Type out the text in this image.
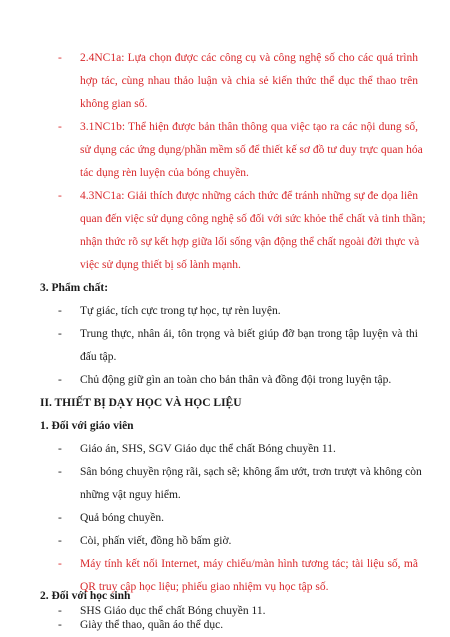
-	2.4NC1a: Lựa chọn được các công cụ và công nghệ số cho các quá trình
hợp tác, cùng nhau thảo luận và chia sẻ kiến thức thể dục thể thao trên
không gian số.
-	3.1NC1b: Thể hiện được bản thân thông qua việc tạo ra các nội dung số,
sử dụng các ứng dụng/phần mềm số để thiết kế sơ đồ tư duy trực quan hóa
tác dụng rèn luyện của bóng chuyền.
-	4.3NC1a: Giải thích được những cách thức để tránh những sự đe dọa liên
quan đến việc sử dụng công nghệ số đối với sức khỏe thể chất và tinh thần;
nhận thức rõ sự kết hợp giữa lối sống vận động thể chất ngoài đời thực và
việc sử dụng thiết bị số lành mạnh.
3. Phẩm chất:
-	Tự giác, tích cực trong tự học, tự rèn luyện.
-	Trung thực, nhân ái, tôn trọng và biết giúp đỡ bạn trong tập luyện và thi
đấu tập.
-	Chủ động giữ gìn an toàn cho bản thân và đồng đội trong luyện tập.
II. THIẾT BỊ DẠY HỌC VÀ HỌC LIỆU
1. Đối với giáo viên
-	Giáo án, SHS, SGV Giáo dục thể chất Bóng chuyền 11.
-	Sân bóng chuyền rộng rãi, sạch sẽ; không ẩm ướt, trơn trượt và không còn
những vật nguy hiểm.
-	Quả bóng chuyền.
-	Còi, phấn viết, đồng hồ bấm giờ.
-	Máy tính kết nối Internet, máy chiếu/màn hình tương tác; tài liệu số, mã
QR truy cập học liệu; phiếu giao nhiệm vụ học tập số.
2. Đối với học sinh
-	SHS Giáo dục thể chất Bóng chuyền 11.
-	Giày thể thao, quần áo thể dục.
